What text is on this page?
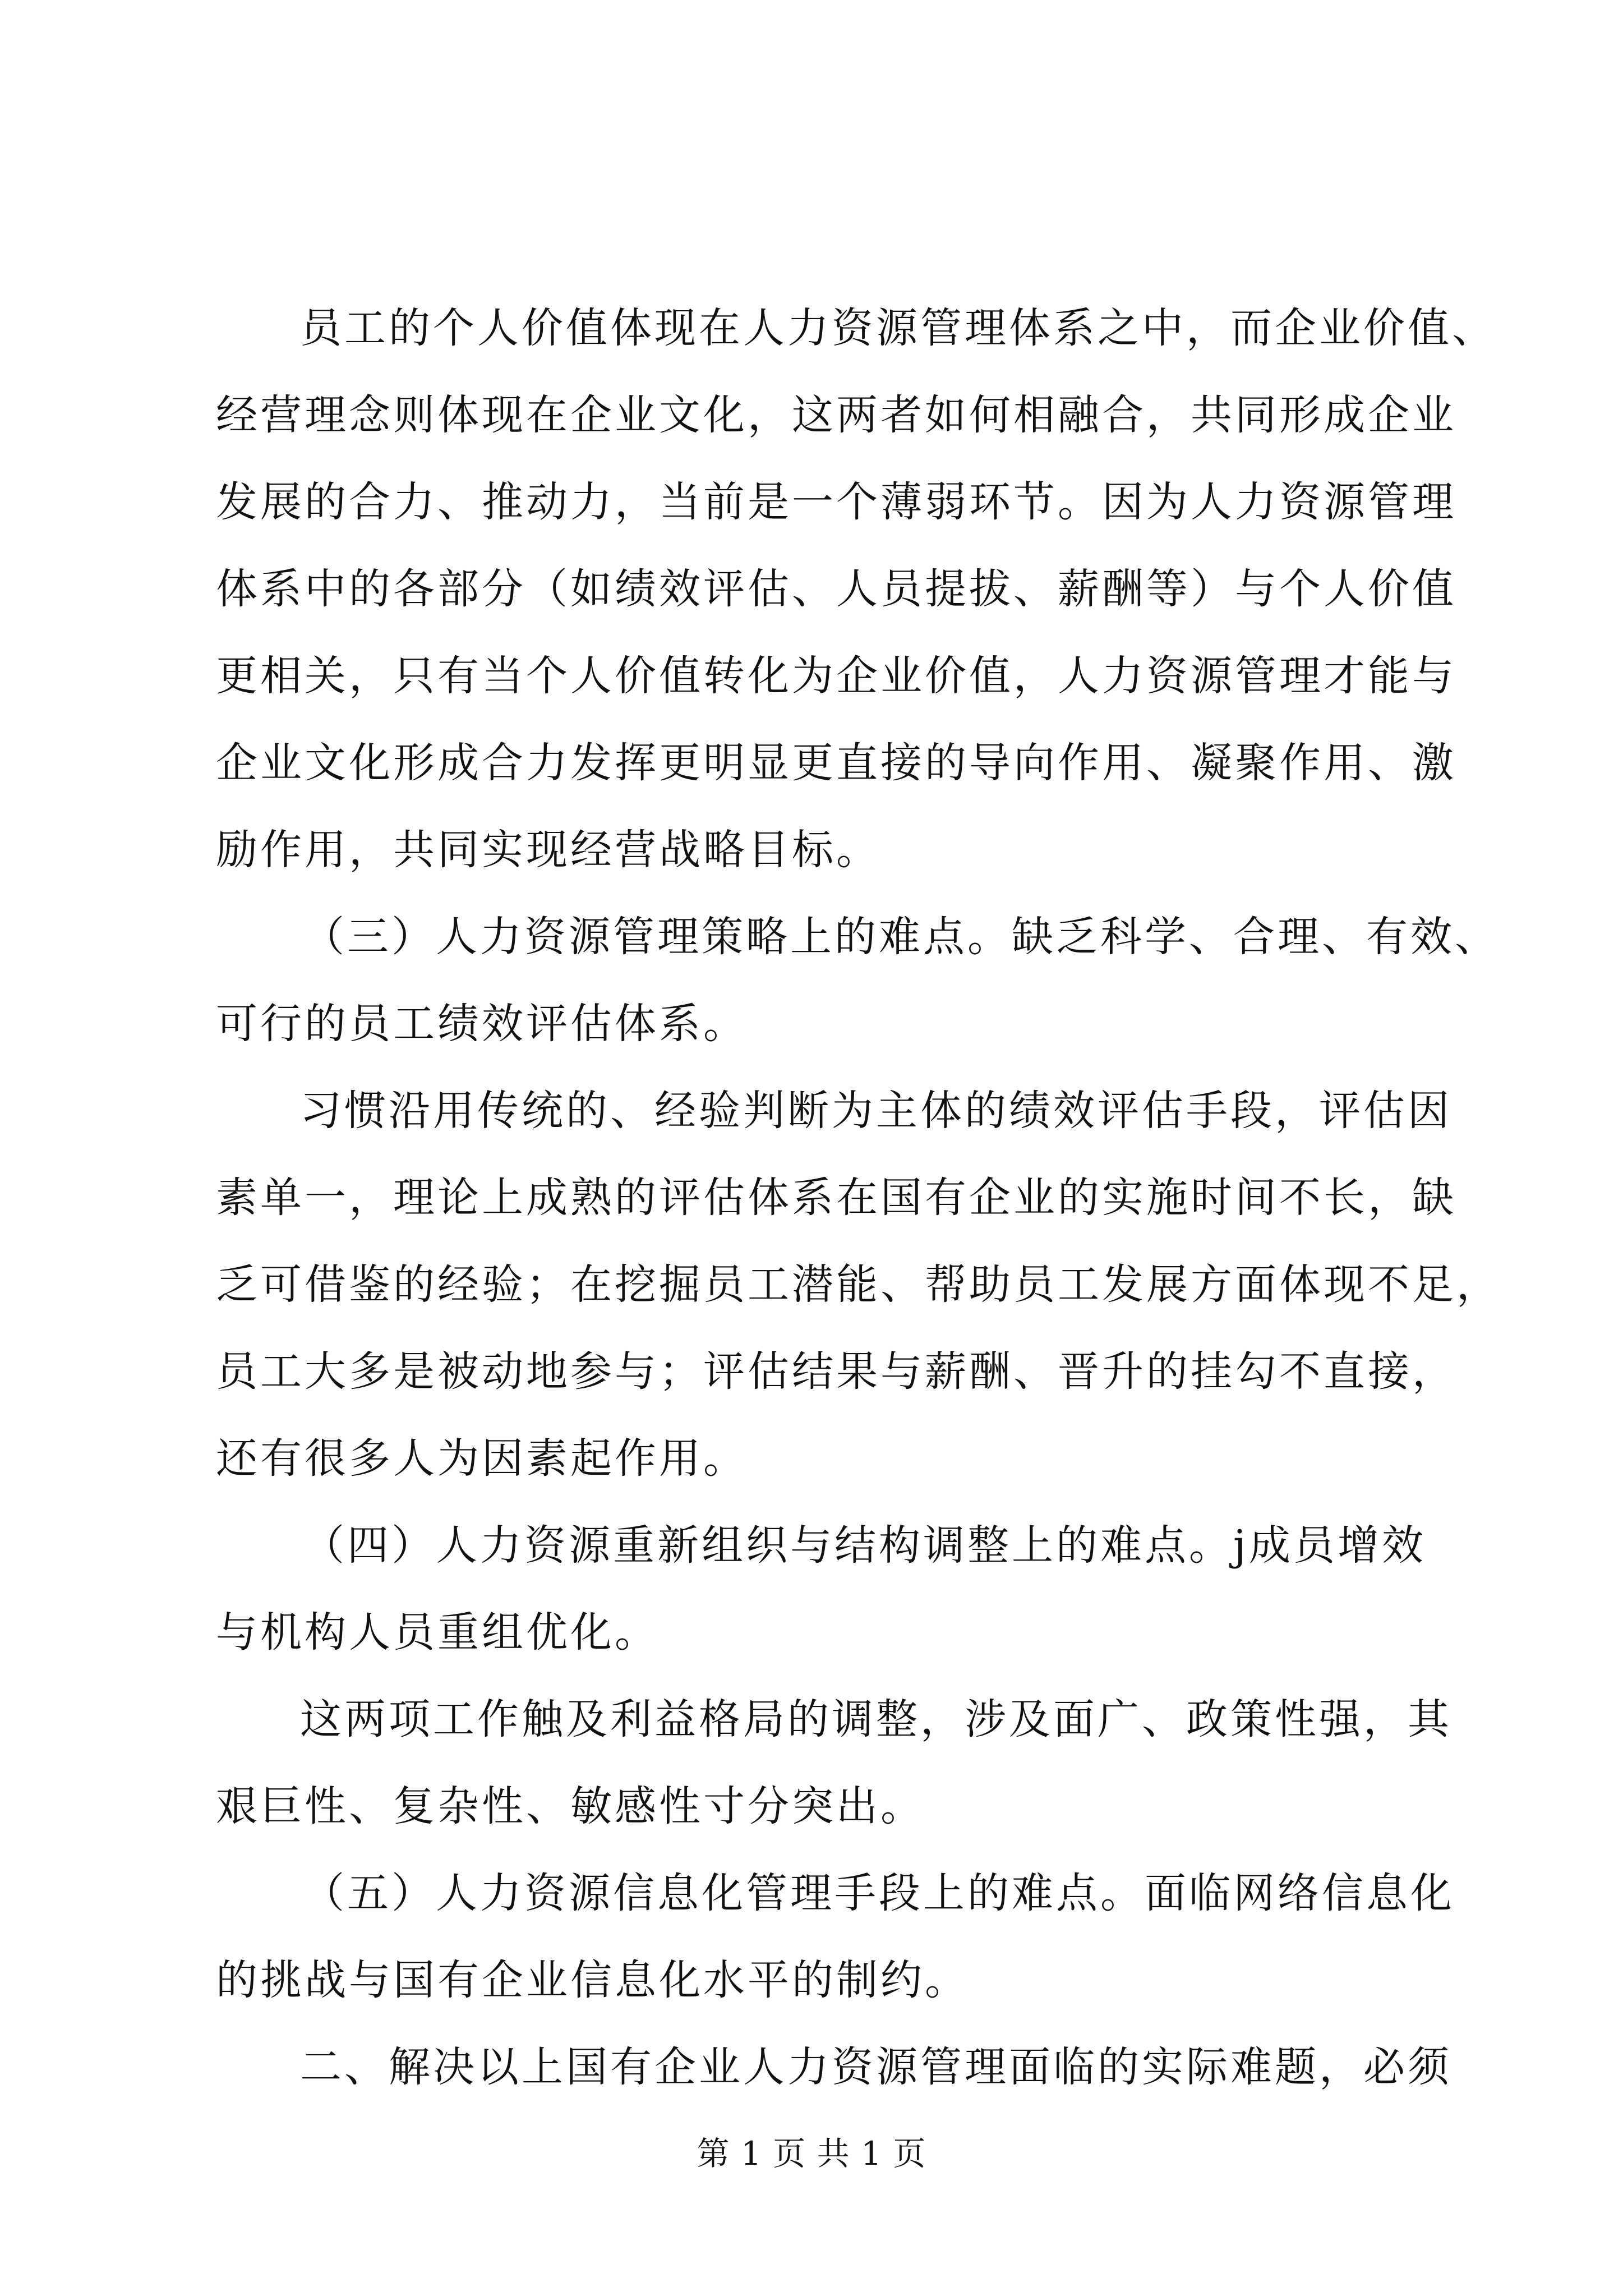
员工的个人价值体现在人力资源管理体系之中，而企业价值、

经营理念则体现在企业文化，这两者如何相融合，共同形成企业

发展的合力、推动力，当前是一个薄弱环节。因为人力资源管理

体系中的各部分（如绩效评估、人员提拔、薪酬等）与个人价值

更相关，只有当个人价值转化为企业价值，人力资源管理才能与

企业文化形成合力发挥更明显更直接的导向作用、凝聚作用、激

励作用，共同实现经营战略目标。

（三）人力资源管理策略上的难点。缺乏科学、合理、有效、

可行的员工绩效评估体系。

习惯沿用传统的、经验判断为主体的绩效评估手段，评估因

素单一，理论上成熟的评估体系在国有企业的实施时间不长，缺

乏可借鉴的经验；在挖掘员工潜能、帮助员工发展方面体现不足，

员工大多是被动地参与；评估结果与薪酬、晋升的挂勾不直接，

还有很多人为因素起作用。

（四）人力资源重新组织与结构调整上的难点。j成员增效

与机构人员重组优化。

这两项工作触及利益格局的调整，涉及面广、政策性强，其

艰巨性、复杂性、敏感性寸分突出。

（五）人力资源信息化管理手段上的难点。面临网络信息化

的挑战与国有企业信息化水平的制约。

二、解决以上国有企业人力资源管理面临的实际难题，必须

第 1 页 共 1 页
